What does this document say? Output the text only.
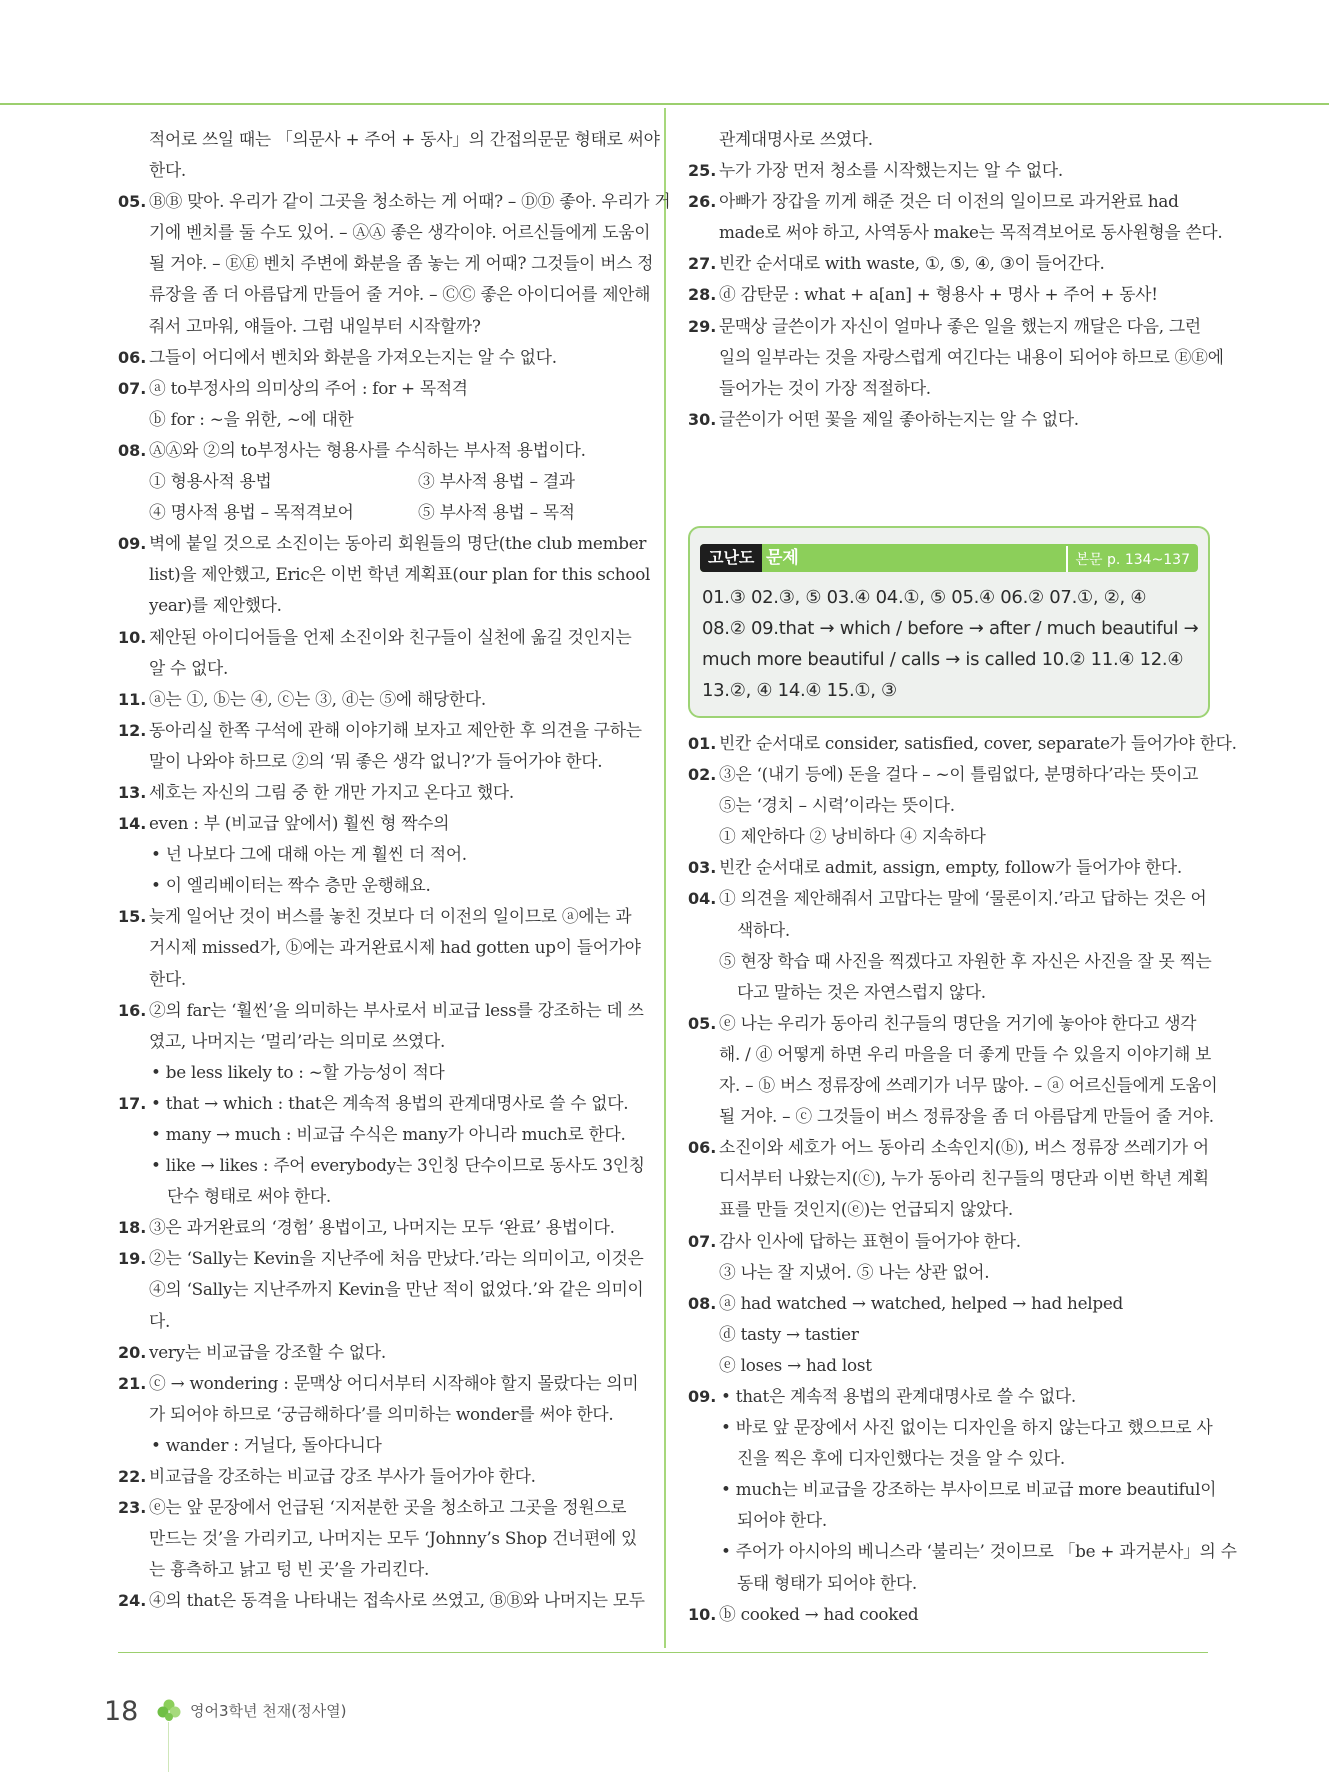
적어로 쓰일 때는 「의문사 + 주어 + 동사」의 간접의문문 형태로 써야
한다.
05. ⒷⒷ 맞아. 우리가 같이 그곳을 청소하는 게 어때? – ⒹⒹ 좋아. 우리가 거
기에 벤치를 둘 수도 있어. – ⒶⒶ 좋은 생각이야. 어르신들에게 도움이
될 거야. – ⒺⒺ 벤치 주변에 화분을 좀 놓는 게 어때? 그것들이 버스 정
류장을 좀 더 아름답게 만들어 줄 거야. – ⒸⒸ 좋은 아이디어를 제안해
줘서 고마워, 얘들아. 그럼 내일부터 시작할까?
06. 그들이 어디에서 벤치와 화분을 가져오는지는 알 수 없다.
07. ⓐ to부정사의 의미상의 주어 : for + 목적격
ⓑ for : ~을 위한, ~에 대한
08. ⒶⒶ와 ②의 to부정사는 형용사를 수식하는 부사적 용법이다.
① 형용사적 용법	③ 부사적 용법 – 결과
④ 명사적 용법 – 목적격보어	⑤ 부사적 용법 – 목적
09. 벽에 붙일 것으로 소진이는 동아리 회원들의 명단(the club member
list)을 제안했고, Eric은 이번 학년 계획표(our plan for this school
year)를 제안했다.
10. 제안된 아이디어들을 언제 소진이와 친구들이 실천에 옮길 것인지는
알 수 없다.
11. ⓐ는 ①, ⓑ는 ④, ⓒ는 ③, ⓓ는 ⑤에 해당한다.
12. 동아리실 한쪽 구석에 관해 이야기해 보자고 제안한 후 의견을 구하는
말이 나와야 하므로 ②의 ‘뭐 좋은 생각 없니?’가 들어가야 한다.
13. 세호는 자신의 그림 중 한 개만 가지고 온다고 했다.
14. even : 부 (비교급 앞에서) 훨씬 형 짝수의
• 넌 나보다 그에 대해 아는 게 훨씬 더 적어.
• 이 엘리베이터는 짝수 층만 운행해요.
15. 늦게 일어난 것이 버스를 놓친 것보다 더 이전의 일이므로 ⓐ에는 과
거시제 missed가, ⓑ에는 과거완료시제 had gotten up이 들어가야
한다.
16. ②의 far는 ‘훨씬’을 의미하는 부사로서 비교급 less를 강조하는 데 쓰
였고, 나머지는 ‘멀리’라는 의미로 쓰였다.
• be less likely to : ~할 가능성이 적다
17. • that → which : that은 계속적 용법의 관계대명사로 쓸 수 없다.
• many → much : 비교급 수식은 many가 아니라 much로 한다.
• like → likes : 주어 everybody는 3인칭 단수이므로 동사도 3인칭
단수 형태로 써야 한다.
18. ③은 과거완료의 ‘경험’ 용법이고, 나머지는 모두 ‘완료’ 용법이다.
19. ②는 ‘Sally는 Kevin을 지난주에 처음 만났다.’라는 의미이고, 이것은
④의 ‘Sally는 지난주까지 Kevin을 만난 적이 없었다.’와 같은 의미이
다.
20. very는 비교급을 강조할 수 없다.
21. ⓒ → wondering : 문맥상 어디서부터 시작해야 할지 몰랐다는 의미
가 되어야 하므로 ‘궁금해하다’를 의미하는 wonder를 써야 한다.
• wander : 거닐다, 돌아다니다
22. 비교급을 강조하는 비교급 강조 부사가 들어가야 한다.
23. ⓔ는 앞 문장에서 언급된 ‘지저분한 곳을 청소하고 그곳을 정원으로
만드는 것’을 가리키고, 나머지는 모두 ‘Johnny’s Shop 건너편에 있
는 흉측하고 낡고 텅 빈 곳’을 가리킨다.
24. ④의 that은 동격을 나타내는 접속사로 쓰였고, ⒷⒷ와 나머지는 모두
관계대명사로 쓰였다.
25. 누가 가장 먼저 청소를 시작했는지는 알 수 없다.
26. 아빠가 장갑을 끼게 해준 것은 더 이전의 일이므로 과거완료 had
made로 써야 하고, 사역동사 make는 목적격보어로 동사원형을 쓴다.
27. 빈칸 순서대로 with waste, ①, ⑤, ④, ③이 들어간다.
28. ⓓ 감탄문 : what + a[an] + 형용사 + 명사 + 주어 + 동사!
29. 문맥상 글쓴이가 자신이 얼마나 좋은 일을 했는지 깨달은 다음, 그런
일의 일부라는 것을 자랑스럽게 여긴다는 내용이 되어야 하므로 ⒺⒺ에
들어가는 것이 가장 적절하다.
30. 글쓴이가 어떤 꽃을 제일 좋아하는지는 알 수 없다.
고난도 문제	본문 p. 134~137
01.③ 02.③, ⑤ 03.④ 04.①, ⑤ 05.④ 06.② 07.①, ②, ④
08.② 09.that → which / before → after / much beautiful →
much more beautiful / calls → is called 10.② 11.④ 12.④
13.②, ④ 14.④ 15.①, ③
01. 빈칸 순서대로 consider, satisfied, cover, separate가 들어가야 한다.
02. ③은 ‘(내기 등에) 돈을 걸다 – ~이 틀림없다, 분명하다’라는 뜻이고
⑤는 ‘경치 – 시력’이라는 뜻이다.
① 제안하다 ② 낭비하다 ④ 지속하다
03. 빈칸 순서대로 admit, assign, empty, follow가 들어가야 한다.
04. ① 의견을 제안해줘서 고맙다는 말에 ‘물론이지.’라고 답하는 것은 어
색하다.
⑤ 현장 학습 때 사진을 찍겠다고 자원한 후 자신은 사진을 잘 못 찍는
다고 말하는 것은 자연스럽지 않다.
05. ⓔ 나는 우리가 동아리 친구들의 명단을 거기에 놓아야 한다고 생각
해. / ⓓ 어떻게 하면 우리 마을을 더 좋게 만들 수 있을지 이야기해 보
자. – ⓑ 버스 정류장에 쓰레기가 너무 많아. – ⓐ 어르신들에게 도움이
될 거야. – ⓒ 그것들이 버스 정류장을 좀 더 아름답게 만들어 줄 거야.
06. 소진이와 세호가 어느 동아리 소속인지(ⓑ), 버스 정류장 쓰레기가 어
디서부터 나왔는지(ⓒ), 누가 동아리 친구들의 명단과 이번 학년 계획
표를 만들 것인지(ⓔ)는 언급되지 않았다.
07. 감사 인사에 답하는 표현이 들어가야 한다.
③ 나는 잘 지냈어. ⑤ 나는 상관 없어.
08. ⓐ had watched → watched, helped → had helped
ⓓ tasty → tastier
ⓔ loses → had lost
09. • that은 계속적 용법의 관계대명사로 쓸 수 없다.
• 바로 앞 문장에서 사진 없이는 디자인을 하지 않는다고 했으므로 사
진을 찍은 후에 디자인했다는 것을 알 수 있다.
• much는 비교급을 강조하는 부사이므로 비교급 more beautiful이
되어야 한다.
• 주어가 아시아의 베니스라 ‘불리는’ 것이므로 「be + 과거분사」의 수
동태 형태가 되어야 한다.
10. ⓑ cooked → had cooked
18	영어3학년 천재(정사열)
